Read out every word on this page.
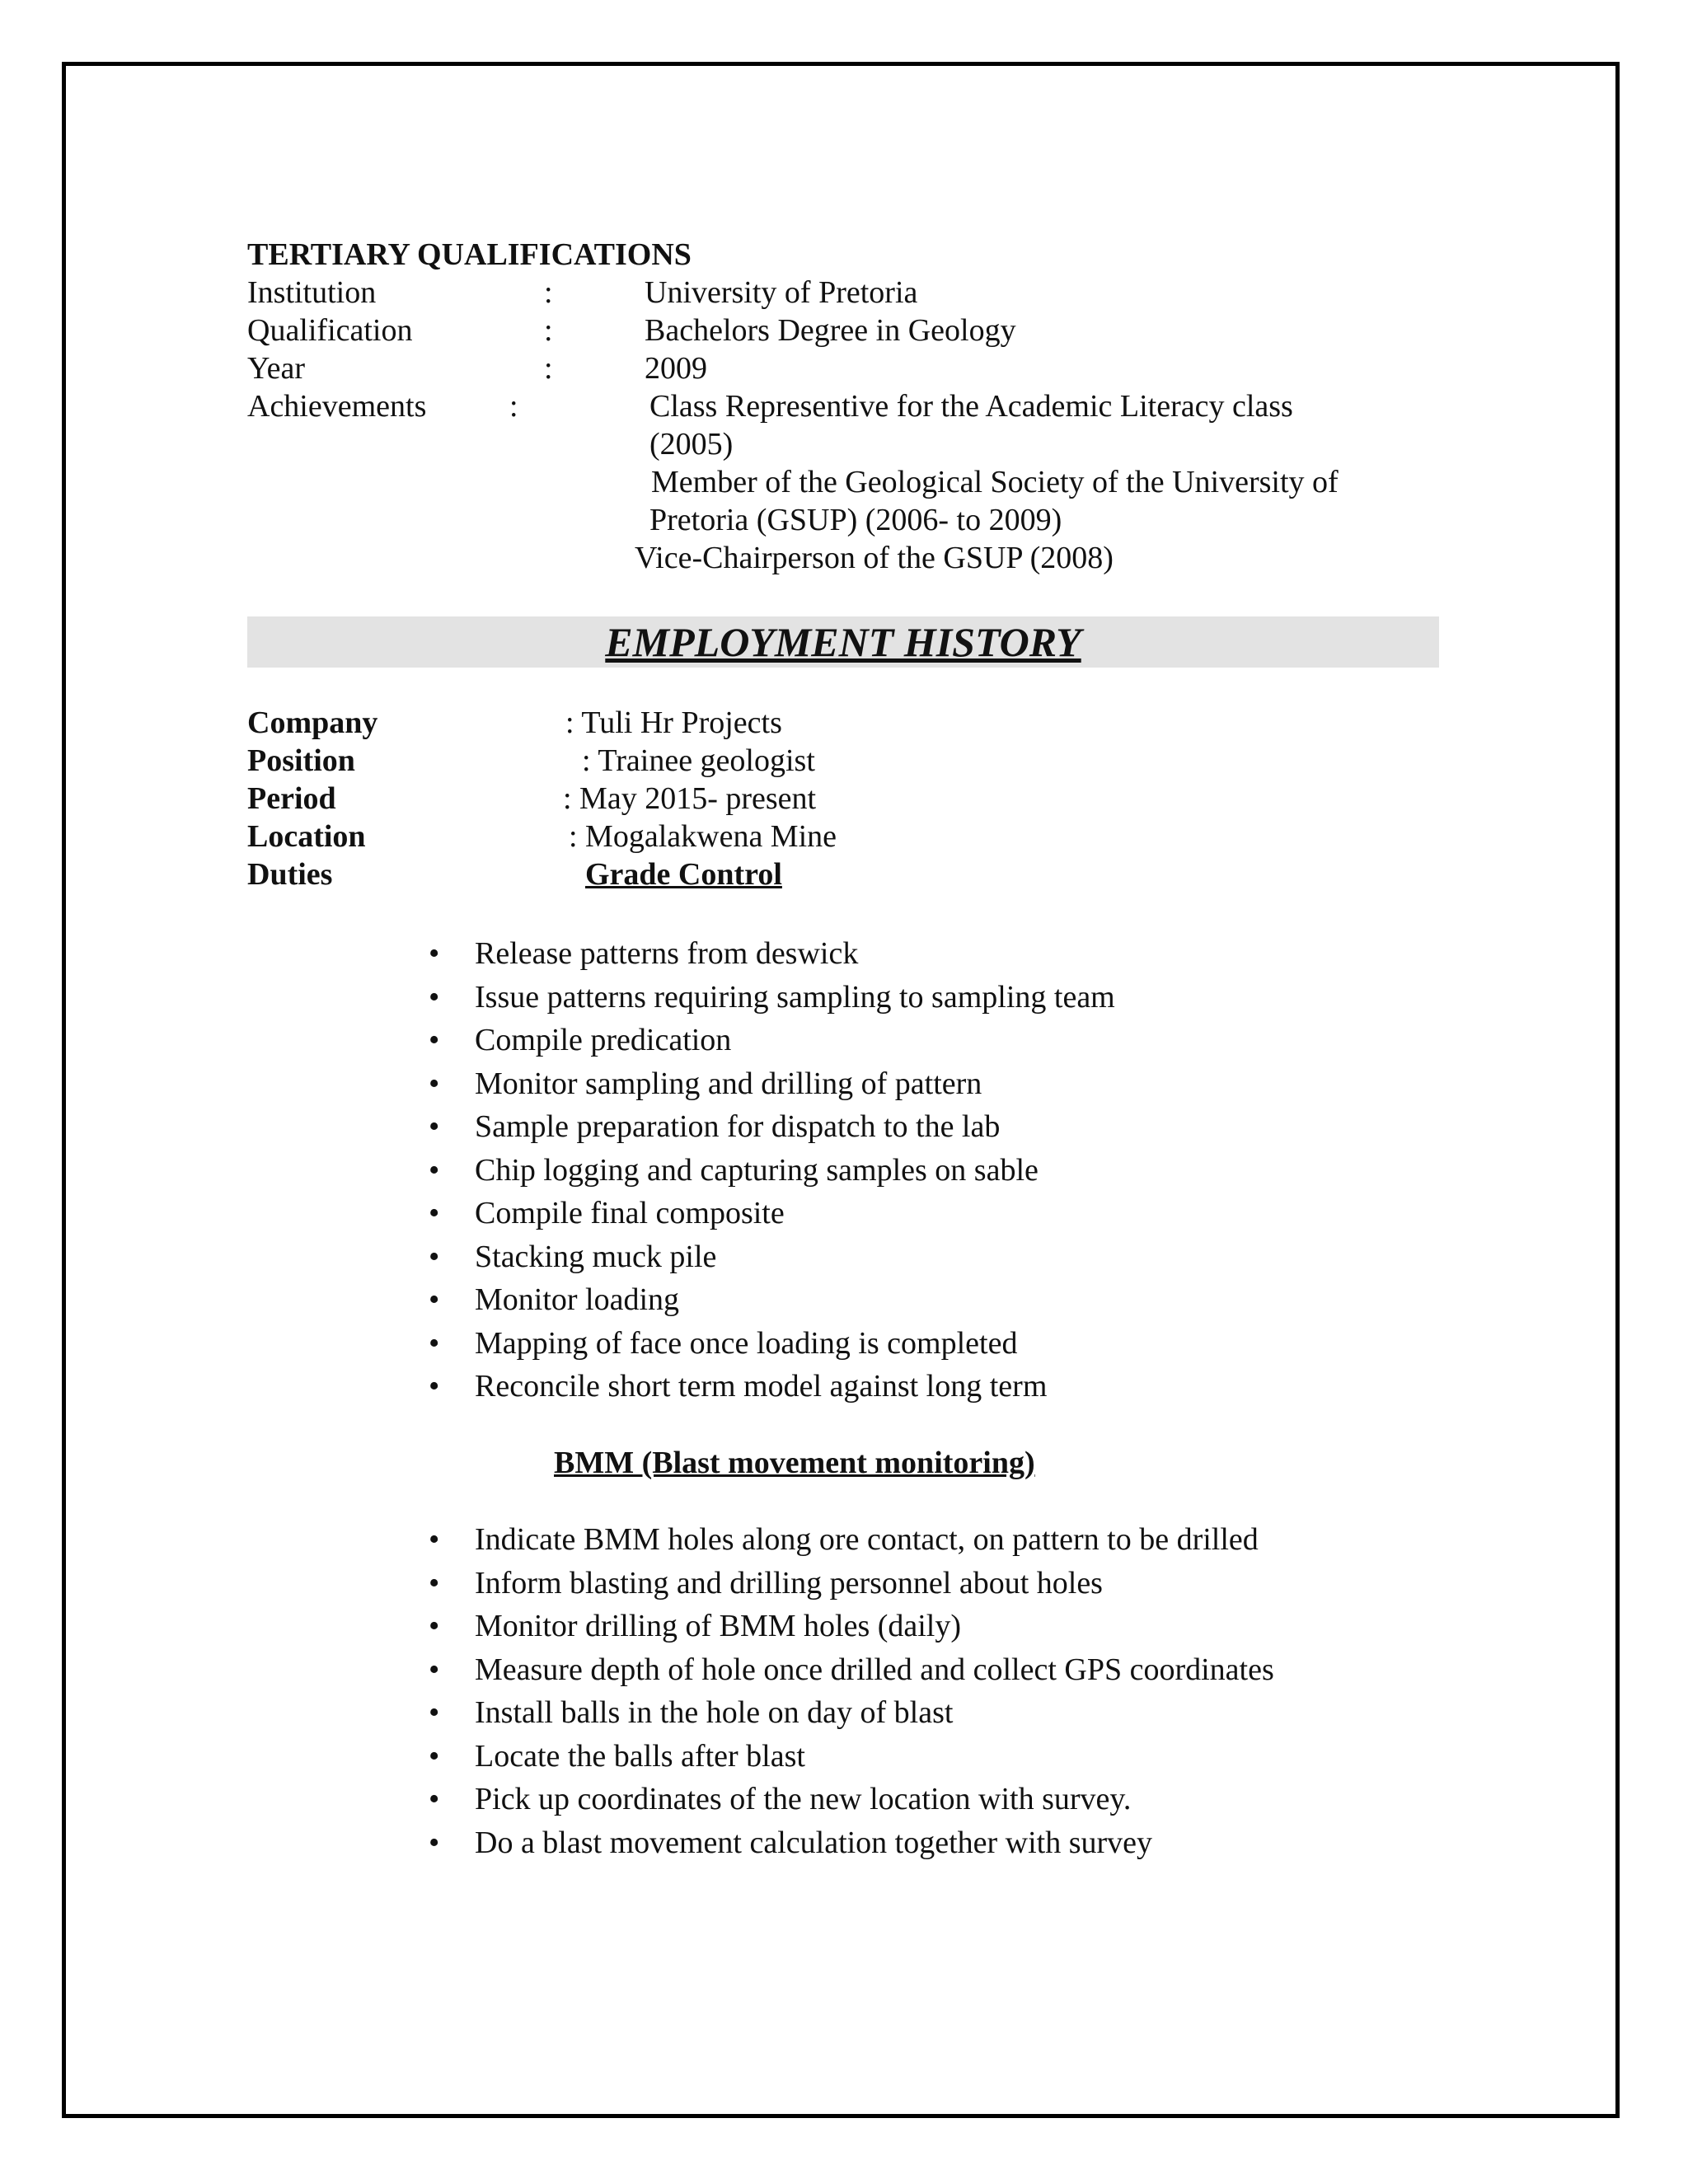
TERTIARY QUALIFICATIONS
Institution	:	University of Pretoria
Qualification	:	Bachelors Degree in Geology
Year	:	2009
Achievements	:	Class Representive for the Academic Literacy class
(2005)
Member of the Geological Society of the University of
Pretoria (GSUP) (2006- to 2009)
Vice-Chairperson of the GSUP (2008)
EMPLOYMENT HISTORY
Company	: Tuli Hr Projects
Position	: Trainee geologist
Period	: May 2015- present
Location	: Mogalakwena Mine
Duties	Grade Control
• Release patterns from deswick
• Issue patterns requiring sampling to sampling team
• Compile predication
• Monitor sampling and drilling of pattern
• Sample preparation for dispatch to the lab
• Chip logging and capturing samples on sable
• Compile final composite
• Stacking muck pile
• Monitor loading
• Mapping of face once loading is completed
• Reconcile short term model against long term
BMM (Blast movement monitoring)
• Indicate BMM holes along ore contact, on pattern to be drilled
• Inform blasting and drilling personnel about holes
• Monitor drilling of BMM holes (daily)
• Measure depth of hole once drilled and collect GPS coordinates
• Install balls in the hole on day of blast
• Locate the balls after blast
• Pick up coordinates of the new location with survey.
• Do a blast movement calculation together with survey
